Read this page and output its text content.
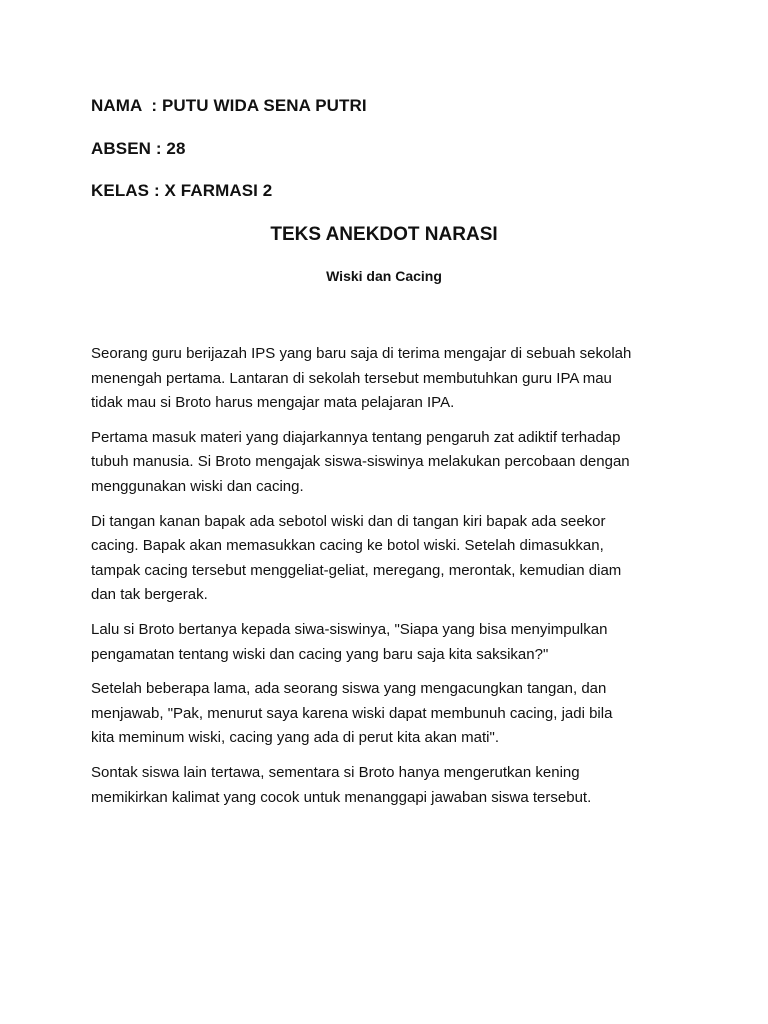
NAMA  : PUTU WIDA SENA PUTRI
ABSEN : 28
KELAS : X FARMASI 2
TEKS ANEKDOT NARASI
Wiski dan Cacing

Seorang guru berijazah IPS yang baru saja di terima mengajar di sebuah sekolah
menengah pertama. Lantaran di sekolah tersebut membutuhkan guru IPA mau
tidak mau si Broto harus mengajar mata pelajaran IPA.

Pertama masuk materi yang diajarkannya tentang pengaruh zat adiktif terhadap
tubuh manusia. Si Broto mengajak siswa-siswinya melakukan percobaan dengan
menggunakan wiski dan cacing.

Di tangan kanan bapak ada sebotol wiski dan di tangan kiri bapak ada seekor
cacing. Bapak akan memasukkan cacing ke botol wiski. Setelah dimasukkan,
tampak cacing tersebut menggeliat-geliat, meregang, merontak, kemudian diam
dan tak bergerak.

Lalu si Broto bertanya kepada siwa-siswinya, "Siapa yang bisa menyimpulkan
pengamatan tentang wiski dan cacing yang baru saja kita saksikan?"

Setelah beberapa lama, ada seorang siswa yang mengacungkan tangan, dan
menjawab, "Pak, menurut saya karena wiski dapat membunuh cacing, jadi bila
kita meminum wiski, cacing yang ada di perut kita akan mati".

Sontak siswa lain tertawa, sementara si Broto hanya mengerutkan kening
memikirkan kalimat yang cocok untuk menanggapi jawaban siswa tersebut.
